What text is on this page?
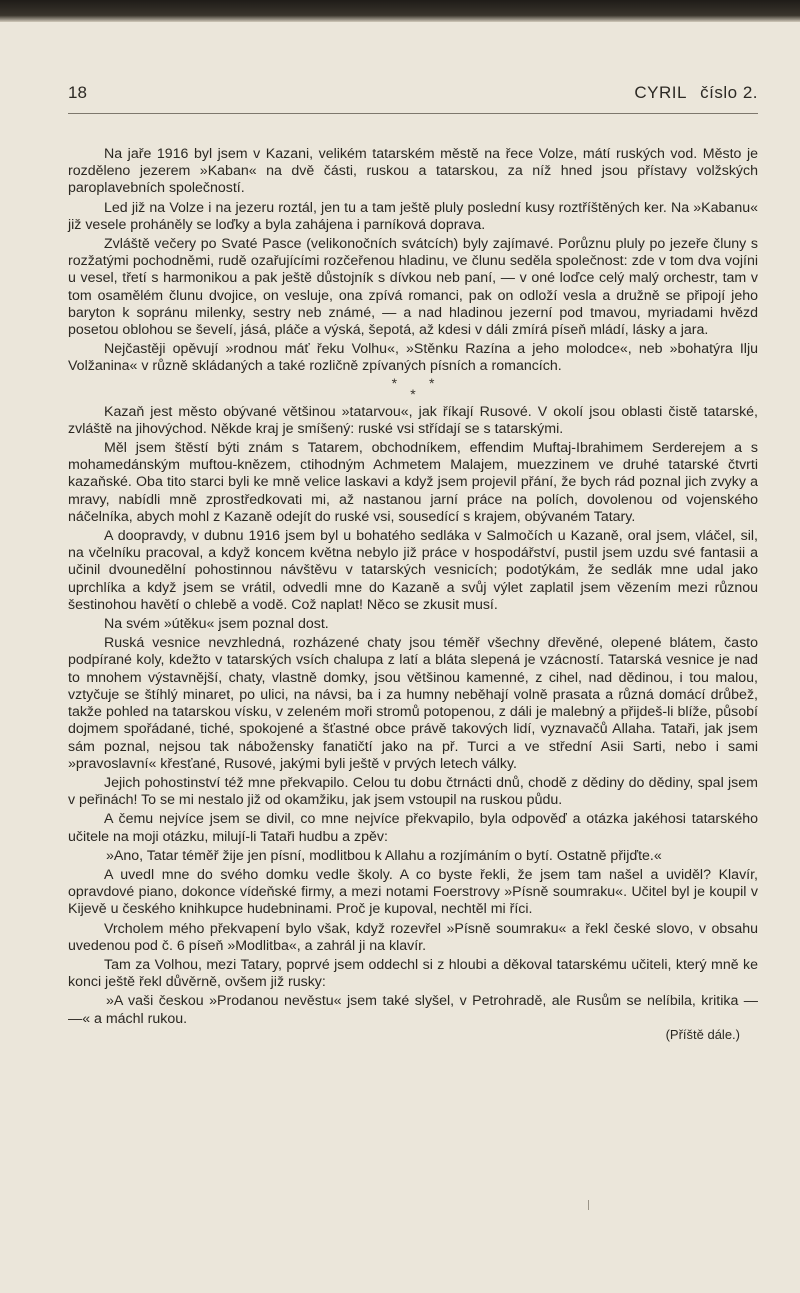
18	CYRIL číslo 2.

Na jaře 1916 byl jsem v Kazani, velikém tatarském městě na řece Volze, mátí ruských vod. Město je rozděleno jezerem »Kaban« na dvě části, ruskou a tatarskou, za níž hned jsou přístavy volžských paroplavebních společností.

Led již na Volze i na jezeru roztál, jen tu a tam ještě pluly poslední kusy roztříštěných ker. Na »Kabanu« již vesele proháněly se loďky a byla zahájena i parníková doprava.

Zvláště večery po Svaté Pasce (velikonočních svátcích) byly zajímavé. Porůznu pluly po jezeře čluny s rozžatými pochodněmi, rudě ozařujícími rozčeřenou hladinu, ve člunu seděla společnost: zde v tom dva vojíni u vesel, třetí s harmonikou a pak ještě důstojník s dívkou neb paní, — v oné loďce celý malý orchestr, tam v tom osamělém člunu dvojice, on vesluje, ona zpívá romanci, pak on odloží vesla a družně se připojí jeho baryton k sopránu milenky, sestry neb známé, — a nad hladinou jezerní pod tmavou, myriadami hvězd posetou oblohou se ševelí, jásá, pláče a výská, šepotá, až kdesi v dáli zmírá píseň mládí, lásky a jara.

Nejčastěji opěvují »rodnou máť řeku Volhu«, »Stěnku Razína a jeho molodce«, neb »bohatýra Ilju Volžanina« v různě skládaných a také rozličně zpívaných písních a romancích.

* *
*

Kazaň jest město obývané většinou »tatarvou«, jak říkají Rusové. V okolí jsou oblasti čistě tatarské, zvláště na jihovýchod. Někde kraj je smíšený: ruské vsi střídají se s tatarskými.

Měl jsem štěstí býti znám s Tatarem, obchodníkem, effendim Muftaj-Ibrahimem Serderejem a s mohamedánským muftou-knězem, ctihodným Achmetem Malajem, muezzinem ve druhé tatarské čtvrti kazaňské. Oba tito starci byli ke mně velice laskavi a když jsem projevil přání, že bych rád poznal jich zvyky a mravy, nabídli mně zprostředkovati mi, až nastanou jarní práce na polích, dovolenou od vojenského náčelníka, abych mohl z Kazaně odejít do ruské vsi, sousedící s krajem, obývaném Tatary.

A doopravdy, v dubnu 1916 jsem byl u bohatého sedláka v Salmočích u Kazaně, oral jsem, vláčel, sil, na včelníku pracoval, a když koncem května nebylo již práce v hospodářství, pustil jsem uzdu své fantasii a učinil dvounedělní pohostinnou návštěvu v tatarských vesnicích; podotýkám, že sedlák mne udal jako uprchlíka a když jsem se vrátil, odvedli mne do Kazaně a svůj výlet zaplatil jsem vězením mezi různou šestinohou havětí o chlebě a vodě. Což naplat! Něco se zkusit musí.

Na svém »útěku« jsem poznal dost.

Ruská vesnice nevzhledná, rozházené chaty jsou téměř všechny dřevěné, olepené blátem, často podpírané koly, kdežto v tatarských vsích chalupa z latí a bláta slepená je vzácností. Tatarská vesnice je nad to mnohem výstavnější, chaty, vlastně domky, jsou většinou kamenné, z cihel, nad dědinou, i tou malou, vztyčuje se štíhlý minaret, po ulici, na návsi, ba i za humny neběhají volně prasata a různá domácí drůbež, takže pohled na tatarskou vísku, v zeleném moři stromů potopenou, z dáli je malebný a přijdeš-li blíže, působí dojmem spořádané, tiché, spokojené a šťastné obce právě takových lidí, vyznavačů Allaha. Tataři, jak jsem sám poznal, nejsou tak nábožensky fanatičtí jako na př. Turci a ve střední Asii Sarti, nebo i sami »pravoslavní« křesťané, Rusové, jakými byli ještě v prvých letech války.

Jejich pohostinství též mne překvapilo. Celou tu dobu čtrnácti dnů, chodě z dědiny do dědiny, spal jsem v peřinách! To se mi nestalo již od okamžiku, jak jsem vstoupil na ruskou půdu.

A čemu nejvíce jsem se divil, co mne nejvíce překvapilo, byla odpověď a otázka jakéhosi tatarského učitele na moji otázku, milují-li Tataři hudbu a zpěv:

»Ano, Tatar téměř žije jen písní, modlitbou k Allahu a rozjímáním o bytí. Ostatně přijďte.«

A uvedl mne do svého domku vedle školy. A co byste řekli, že jsem tam našel a uviděl? Klavír, opravdové piano, dokonce vídeňské firmy, a mezi notami Foerstrovy »Písně soumraku«. Učitel byl je koupil v Kijevě u českého knihkupce hudebninami. Proč je kupoval, nechtěl mi říci.

Vrcholem mého překvapení bylo však, když rozevřel »Písně soumraku« a řekl české slovo, v obsahu uvedenou pod č. 6 píseň »Modlitba«, a zahrál ji na klavír.

Tam za Volhou, mezi Tatary, poprvé jsem oddechl si z hloubi a děkoval tatarskému učiteli, který mně ke konci ještě řekl důvěrně, ovšem již rusky:

»A vaši českou »Prodanou nevěstu« jsem také slyšel, v Petrohradě, ale Rusům se nelíbila, kritika — —« a máchl rukou.

(Příště dále.)
